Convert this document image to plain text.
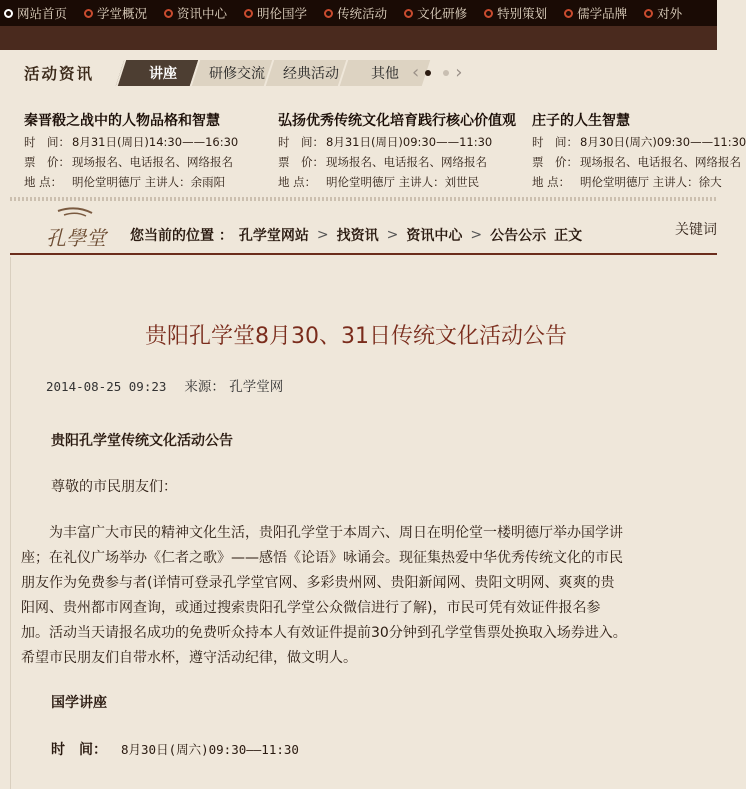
网站首页 学堂概况 资讯中心 明伦国学 传统活动 文化研修 特别策划 儒学品牌 对外
活动资讯	讲座 研修交流 经典活动 其他 ‹ ›
秦晋殽之战中的人物品格和智慧
时　间： 8月31日(周日)14:30——16:30
票　价： 现场报名、电话报名、网络报名
地 点： 明伦堂明德厅 主讲人：余雨阳
弘扬优秀传统文化培育践行核心价值观
时　间： 8月31日(周日)09:30——11:30
票　价： 现场报名、电话报名、网络报名
地 点： 明伦堂明德厅 主讲人：刘世民
庄子的人生智慧
时　间： 8月30日(周六)09:30——11:30
票　价： 现场报名、电话报名、网络报名
地 点： 明伦堂明德厅 主讲人：徐大
孔學堂 您当前的位置 ： 孔学堂网站 > 找资讯 > 资讯中心 > 公告公示 正文	关键词
贵阳孔学堂8月30、31日传统文化活动公告
2014-08-25 09:23 来源： 孔学堂网
贵阳孔学堂传统文化活动公告
尊敬的市民朋友们：
为丰富广大市民的精神文化生活，贵阳孔学堂于本周六、周日在明伦堂一楼明德厅举办国学讲
座；在礼仪广场举办《仁者之歌》——感悟《论语》咏诵会。现征集热爱中华优秀传统文化的市民
朋友作为免费参与者(详情可登录孔学堂官网、多彩贵州网、贵阳新闻网、贵阳文明网、爽爽的贵
阳网、贵州都市网查询，或通过搜索贵阳孔学堂公众微信进行了解)，市民可凭有效证件报名参
加。活动当天请报名成功的免费听众持本人有效证件提前30分钟到孔学堂售票处换取入场券进入。
希望市民朋友们自带水杯，遵守活动纪律，做文明人。
国学讲座
时　间： 8月30日(周六)09:30——11:30
